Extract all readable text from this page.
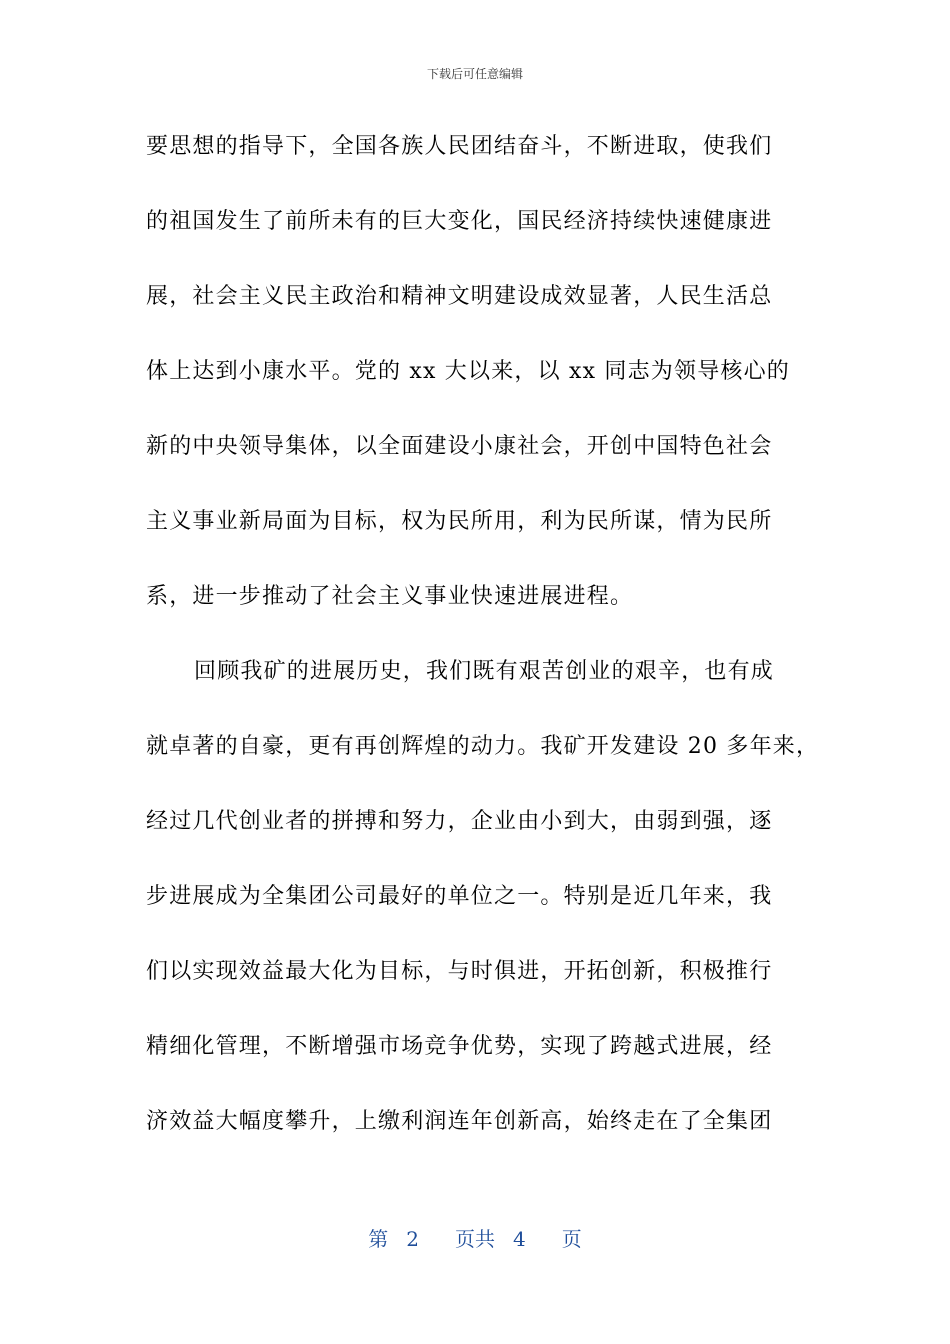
下载后可任意编辑
要思想的指导下，全国各族人民团结奋斗，不断进取，使我们
的祖国发生了前所未有的巨大变化，国民经济持续快速健康进
展，社会主义民主政治和精神文明建设成效显著，人民生活总
体上达到小康水平。党的 xx 大以来，以 xx 同志为领导核心的
新的中央领导集体，以全面建设小康社会，开创中国特色社会
主义事业新局面为目标，权为民所用，利为民所谋，情为民所
系，进一步推动了社会主义事业快速进展进程。
回顾我矿的进展历史，我们既有艰苦创业的艰辛，也有成
就卓著的自豪，更有再创辉煌的动力。我矿开发建设 20 多年来，
经过几代创业者的拼搏和努力，企业由小到大，由弱到强，逐
步进展成为全集团公司最好的单位之一。特别是近几年来，我
们以实现效益最大化为目标，与时俱进，开拓创新，积极推行
精细化管理，不断增强市场竞争优势，实现了跨越式进展，经
济效益大幅度攀升，上缴利润连年创新高，始终走在了全集团
第 2 页共 4 页
